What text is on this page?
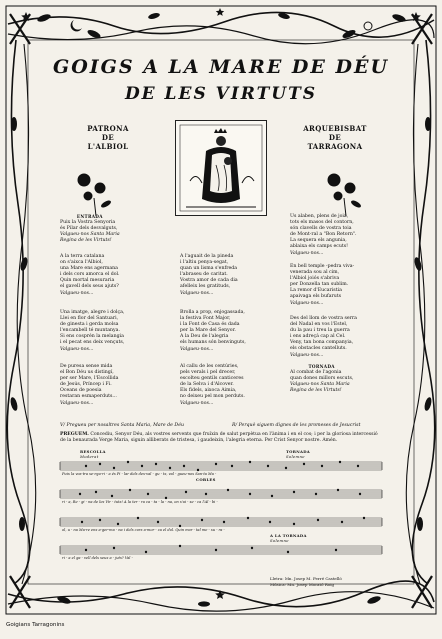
GOIGS A LA MARE DE DÉU
DE LES VIRTUTS
PATRONA
DE
L'ALBIOL
ARQUEBISBAT
DE
TARRAGONA
ENTRADA
Puix la Vostra Senyoria
és Pilar dels desvalguts,
Valgueu-nos Santa Maria
Regina de les Virtuts!
Us alaben, plens de joia,
tots els masos del contorn,
són clavells de vostra toia
de Mont-ral a "Bon Retorn".
La sequera els angunia,
ablaixa els camps ecuts!
Valgueu-nos...
A la terra catalana
on s'aixca l'Albiol,
una Mare ens agermana
i dels cors amorca el dol.
Quin mortal mesuraria
el gavell dels seus ajuts?
Valgueu-nos...
A l'aguait de la pineda
i l'altiu penya-segat,
quan un lismа s'enfreda
l'abraseu de caritat.
Vostra amor de cada dia
afelleix les gratituds,
Valgueu-nos...
En bell temple -pedra viva-
venerada sou al cim,
l'Albiol joiós s'abriva
per Donzella tan sublim.
La remor d'Eucaristia
apaivaga els bufaruts
Valgueu-nos...
Una imatge, alegre i dolça,
Llei en flor del Santuari,
de ginesta i gerda molsa
l'encambell té muntanya.
Si ens cosprén la melangia
i el pecat ens deix vençuts,
Valgueu-nos...
Brolla a prop, enjogassada,
la festiva Font Major,
i la Font de Casa és dada
per la Mare del Senyor.
A la Deu de l'alegria
els humans són benvinguts,
Valgueu-nos...
Des del llom de vostra serra
del Nadal en vos l'Estel,
du la pau i treu la guerra
i ens adreçá cap al Cel.
Veny, tan bona companyia,
els obstacles cantelluts.
Valgueu-nos...
De puresa sense mida
el Bon Déu us distingí,
per ser Mare, l'Escollida
de Jesús, Príncep i Fi.
Oceans de poesia
restaran esmaperduts...
Valgueu-nos...
Al callu de les centúries,
pels verals i pel drecer,
escolteu gentils canticeres
de la Selva i d'Alcover.
Els fidels, aixoca Aimia,
no deixeu pel mon perduts.
Valgueu-nos...
TORNADA
Al combat de l'agonia
quan dones millors escuts,
Valgueu-nos Santa Maria
Regina de les Virtuts!
V/ Pregueu per nosaltres Santa Maria, Mare de Déu	R/ Perquè siguem dignes de les promeses de Jesucrist
PREGUEM. Concediu, Senyor Déu, als vostres servents que fruïxin de salut perpètua en l'ànima i en el cos; i per la gloriosa intercessió de la benaurada Verge Maria, siguin alliberats de tristesa, i gaudeixin, l'alegria eterna. Per Crist Senyor nostre. Amén.
RESCOLLA
Moderat
TORNADA
Solemne
COBLES
A LA TORNADA
Solemne
Puix la vos-tra se-nyo-ri - a és Pi - lar dels des-val - gu - ts, val - gueu-nos San-ta Ma -
ri - a, Re - gi - na de les Vir - tuts! A la ter - ra ca - ta - la - na, on s'ai - xe - ca l'Al - bi -
ol, u - na Ma-re ens a-ger-ma - na i dels cors a-mor - ca el dol. Quin mor - tal me - su - ra -
ri - a el ga - vell dels seus a - juts? Val -
Lletra: Mn. Josep M. Ferré Castelló
Música: Mn. Josep Morató Roig
Goigians Tarragonins
